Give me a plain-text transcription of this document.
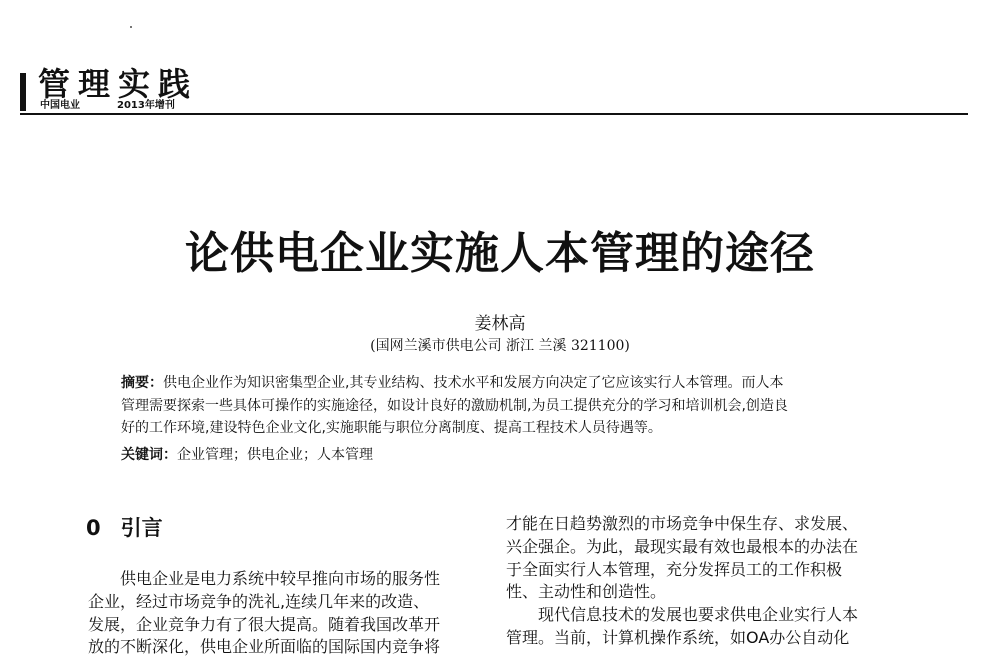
管理实践
中国电业	2013年增刊
论供电企业实施人本管理的途径
姜林高
(国网兰溪市供电公司 浙江 兰溪 321100)
摘要：供电企业作为知识密集型企业,其专业结构、技术水平和发展方向决定了它应该实行人本管理。而人本
管理需要探索一些具体可操作的实施途径，如设计良好的激励机制,为员工提供充分的学习和培训机会,创造良
好的工作环境,建设特色企业文化,实施职能与职位分离制度、提高工程技术人员待遇等。
关键词：企业管理；供电企业；人本管理
0 引言
供电企业是电力系统中较早推向市场的服务性
企业，经过市场竞争的洗礼,连续几年来的改造、
发展，企业竞争力有了很大提高。随着我国改革开
放的不断深化，供电企业所面临的国际国内竞争将
才能在日趋势激烈的市场竞争中保生存、求发展、
兴企强企。为此，最现实最有效也最根本的办法在
于全面实行人本管理，充分发挥员工的工作积极
性、主动性和创造性。
现代信息技术的发展也要求供电企业实行人本
管理。当前，计算机操作系统，如OA办公自动化
